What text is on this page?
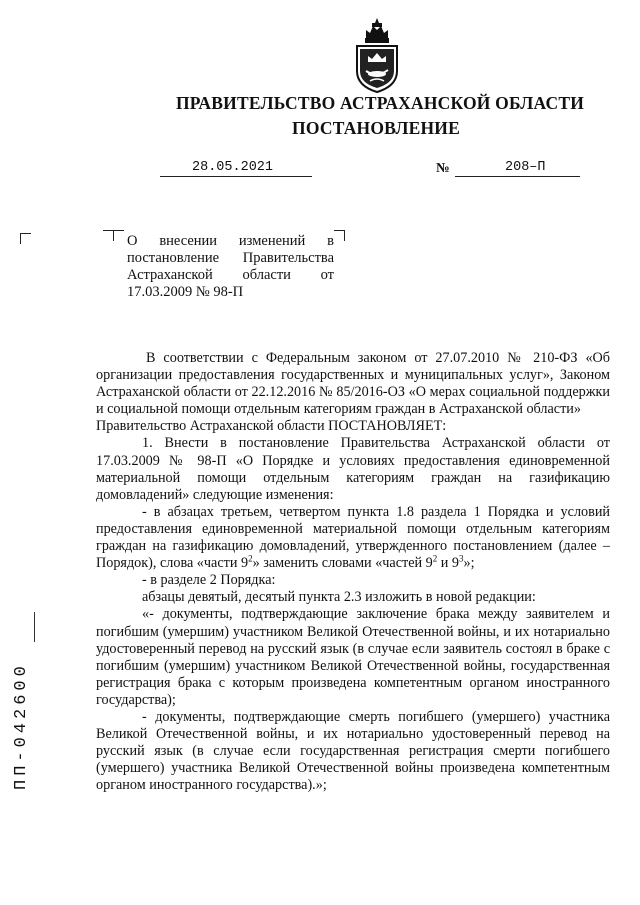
ПРАВИТЕЛЬСТВО АСТРАХАНСКОЙ ОБЛАСТИ
ПОСТАНОВЛЕНИЕ
28.05.2021	№	208–П
О внесении изменений в постановление Правительства Астраханской области от 17.03.2009 № 98-П

В соответствии с Федеральным законом от 27.07.2010 № 210-ФЗ «Об организации предоставления государственных и муниципальных услуг», Законом Астраханской области от 22.12.2016 № 85/2016-ОЗ «О мерах социальной поддержки и социальной помощи отдельным категориям граждан в Астраханской области»

Правительство Астраханской области ПОСТАНОВЛЯЕТ:

1. Внести в постановление Правительства Астраханской области от 17.03.2009 № 98-П «О Порядке и условиях предоставления единовременной материальной помощи отдельным категориям граждан на газификацию домовладений» следующие изменения:

- в абзацах третьем, четвертом пункта 1.8 раздела 1 Порядка и условий предоставления единовременной материальной помощи отдельным категориям граждан на газификацию домовладений, утвержденного постановлением (далее – Порядок), слова «части $9^2$» заменить словами «частей $9^2$ и $9^3$»;

- в разделе 2 Порядка:

абзацы девятый, десятый пункта 2.3 изложить в новой редакции:

«- документы, подтверждающие заключение брака между заявителем и погибшим (умершим) участником Великой Отечественной войны, и их нотариально удостоверенный перевод на русский язык (в случае если заявитель состоял в браке с погибшим (умершим) участником Великой Отечественной войны, государственная регистрация брака с которым произведена компетентным органом иностранного государства);

- документы, подтверждающие смерть погибшего (умершего) участника Великой Отечественной войны, и их нотариально удостоверенный перевод на русский язык (в случае если государственная регистрация смерти погибшего (умершего) участника Великой Отечественной войны произведена компетентным органом иностранного государства).»;

ПП-042600
